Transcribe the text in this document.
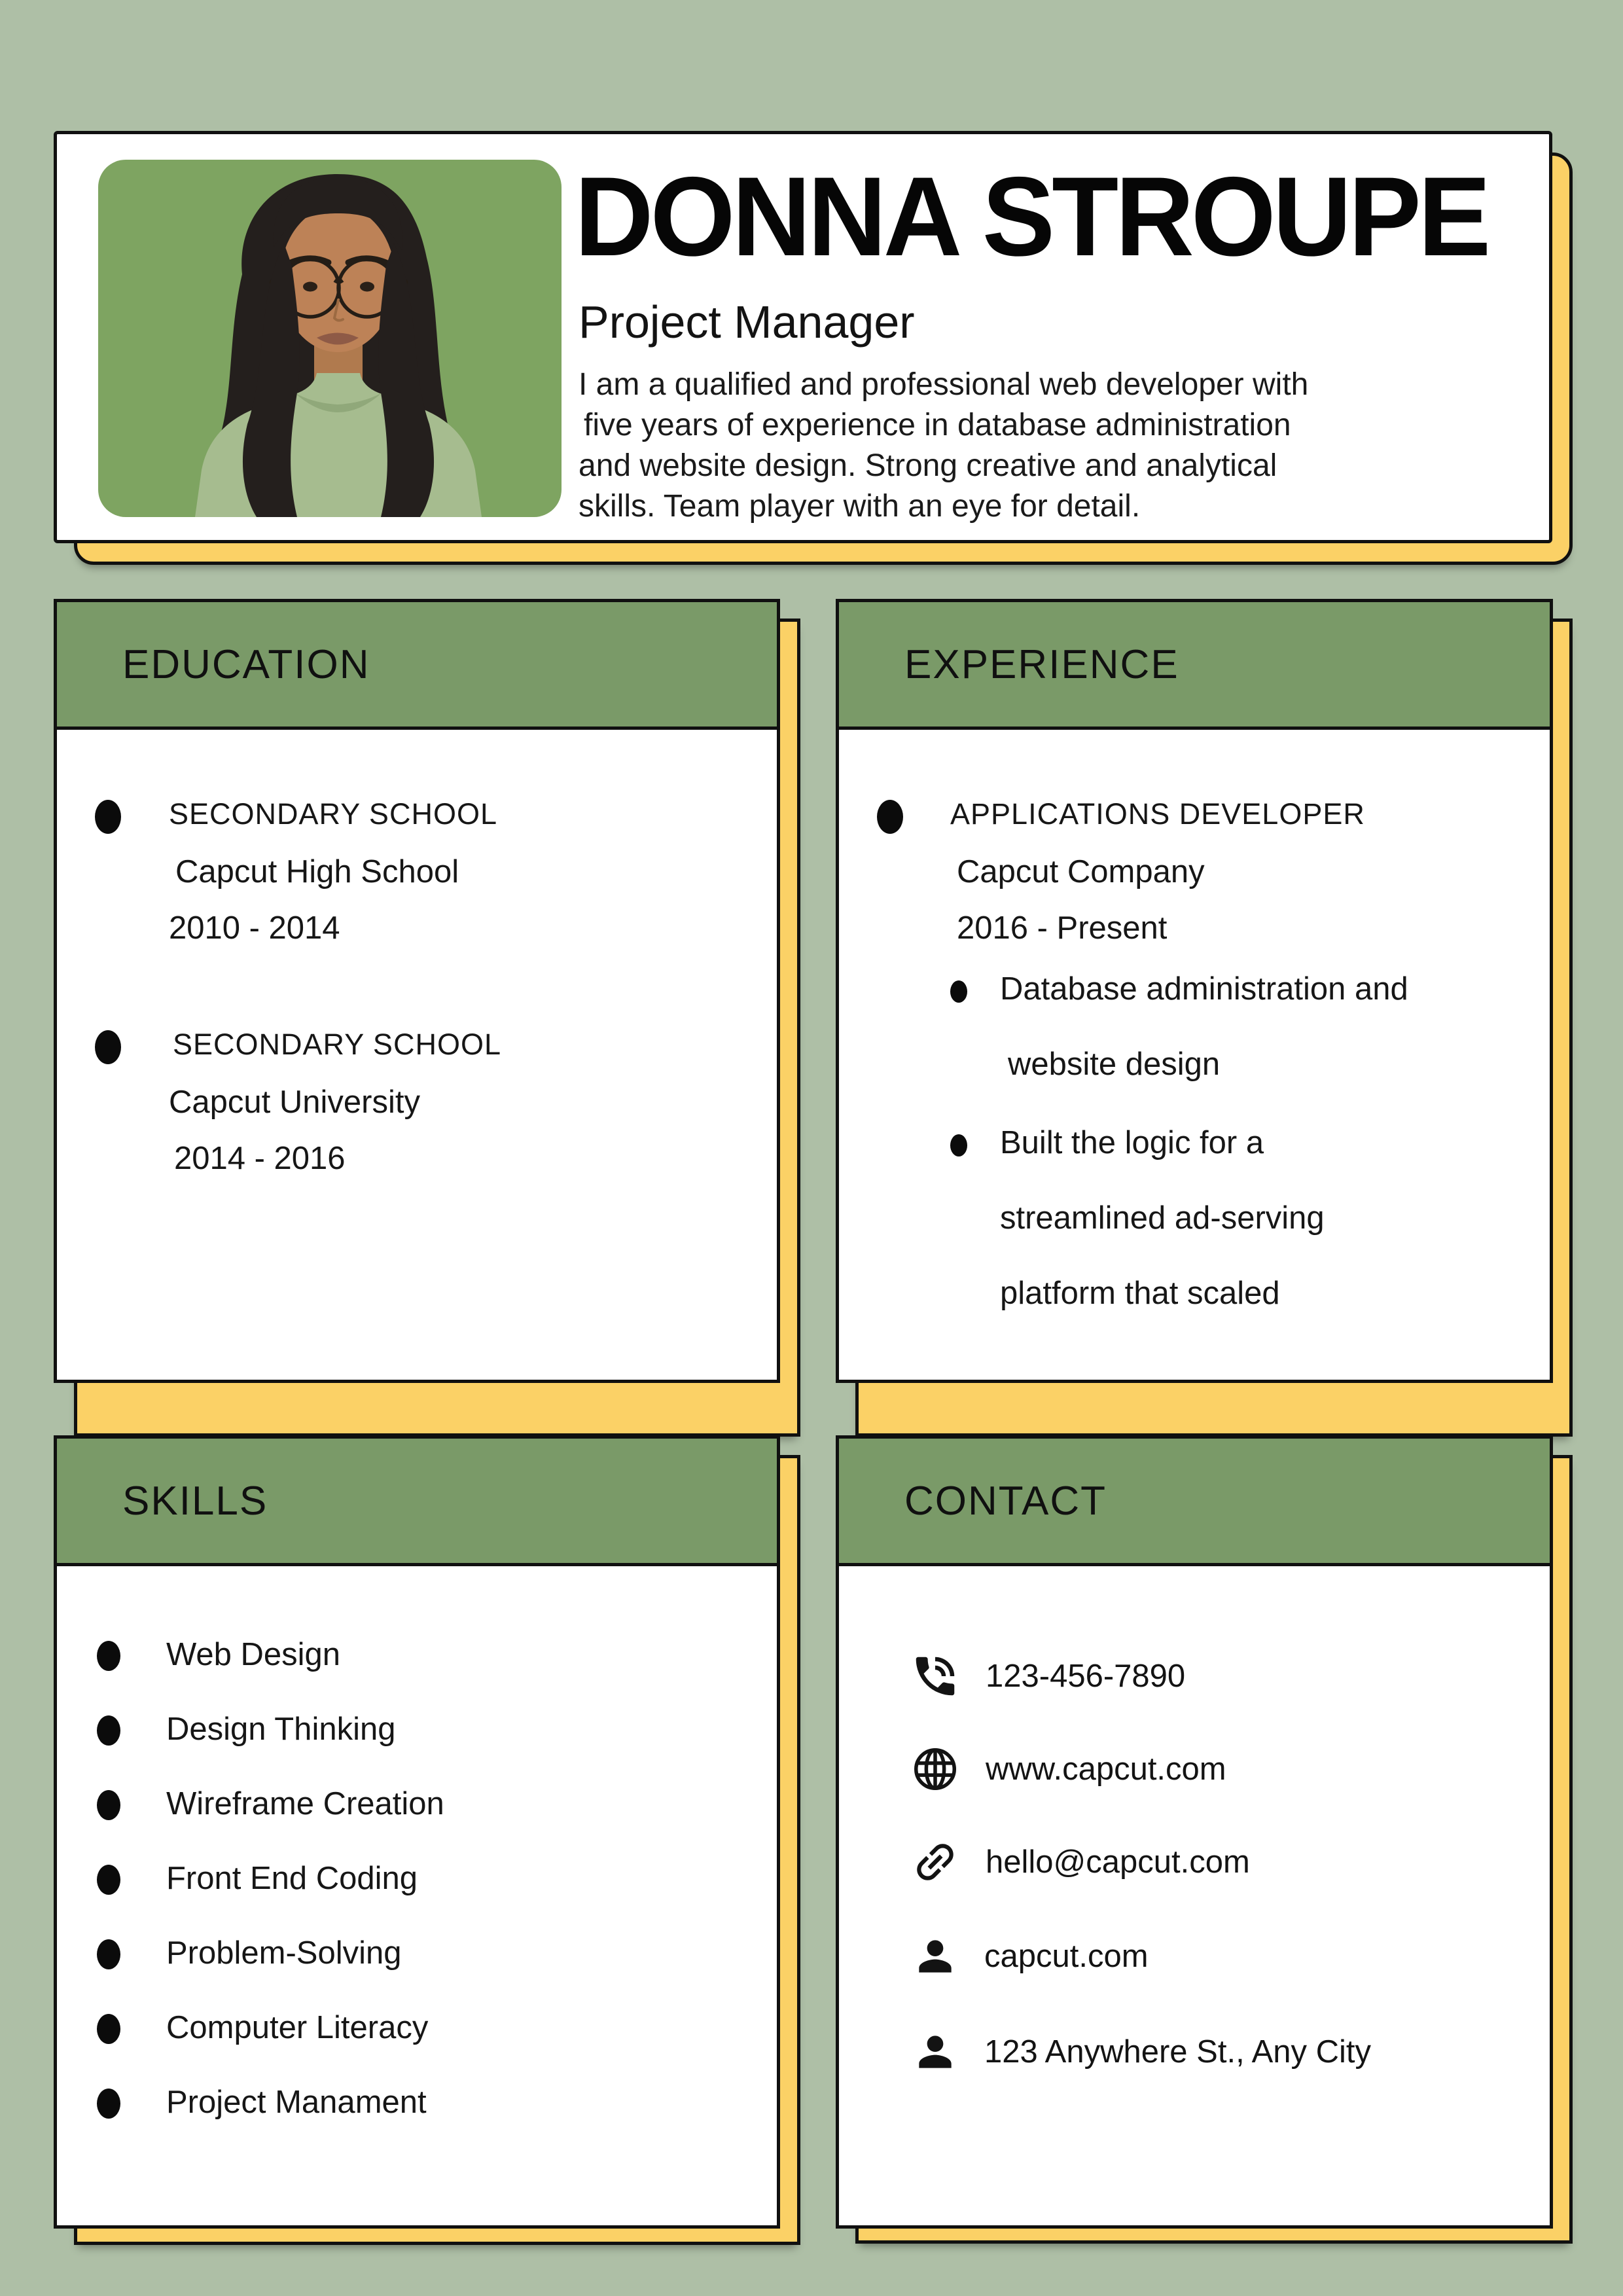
DONNA STROUPE
Project Manager
I am a qualified and professional web developer with
five years of experience in database administration
and website design. Strong creative and analytical
skills. Team player with an eye for detail.
EDUCATION
SECONDARY SCHOOL
Capcut High School
2010 - 2014
SECONDARY SCHOOL
Capcut University
2014 - 2016
EXPERIENCE
APPLICATIONS DEVELOPER
Capcut Company
2016 - Present
Database administration and
website design
Built the logic for a
streamlined ad-serving
platform that scaled
SKILLS
Web Design
Design Thinking
Wireframe Creation
Front End Coding
Problem-Solving
Computer Literacy
Project Manament
CONTACT
123-456-7890
www.capcut.com
hello@capcut.com
capcut.com
123 Anywhere St., Any City
